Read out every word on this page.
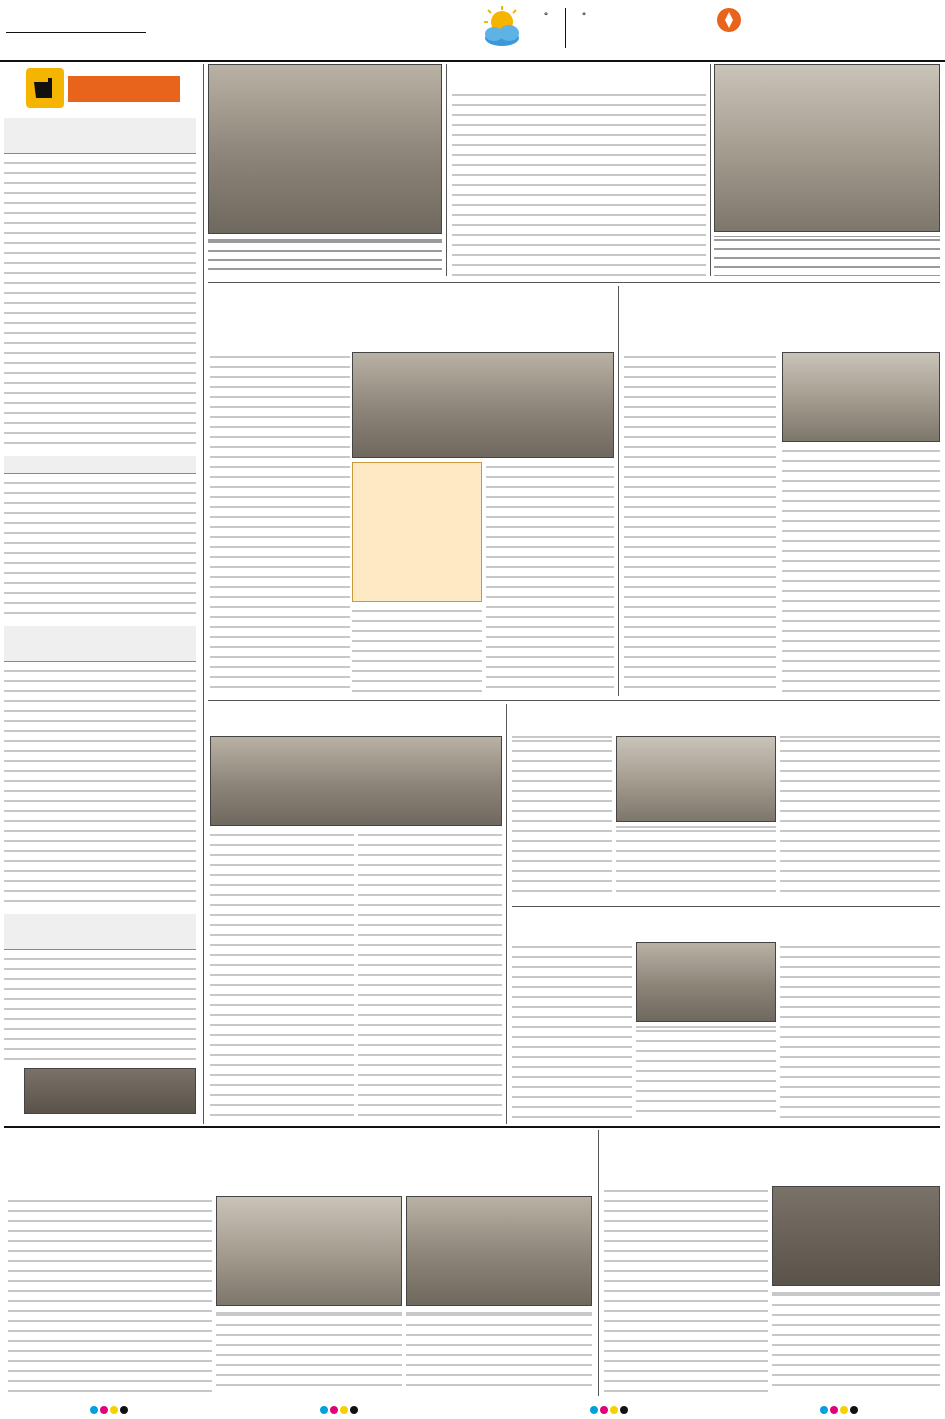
°	°
